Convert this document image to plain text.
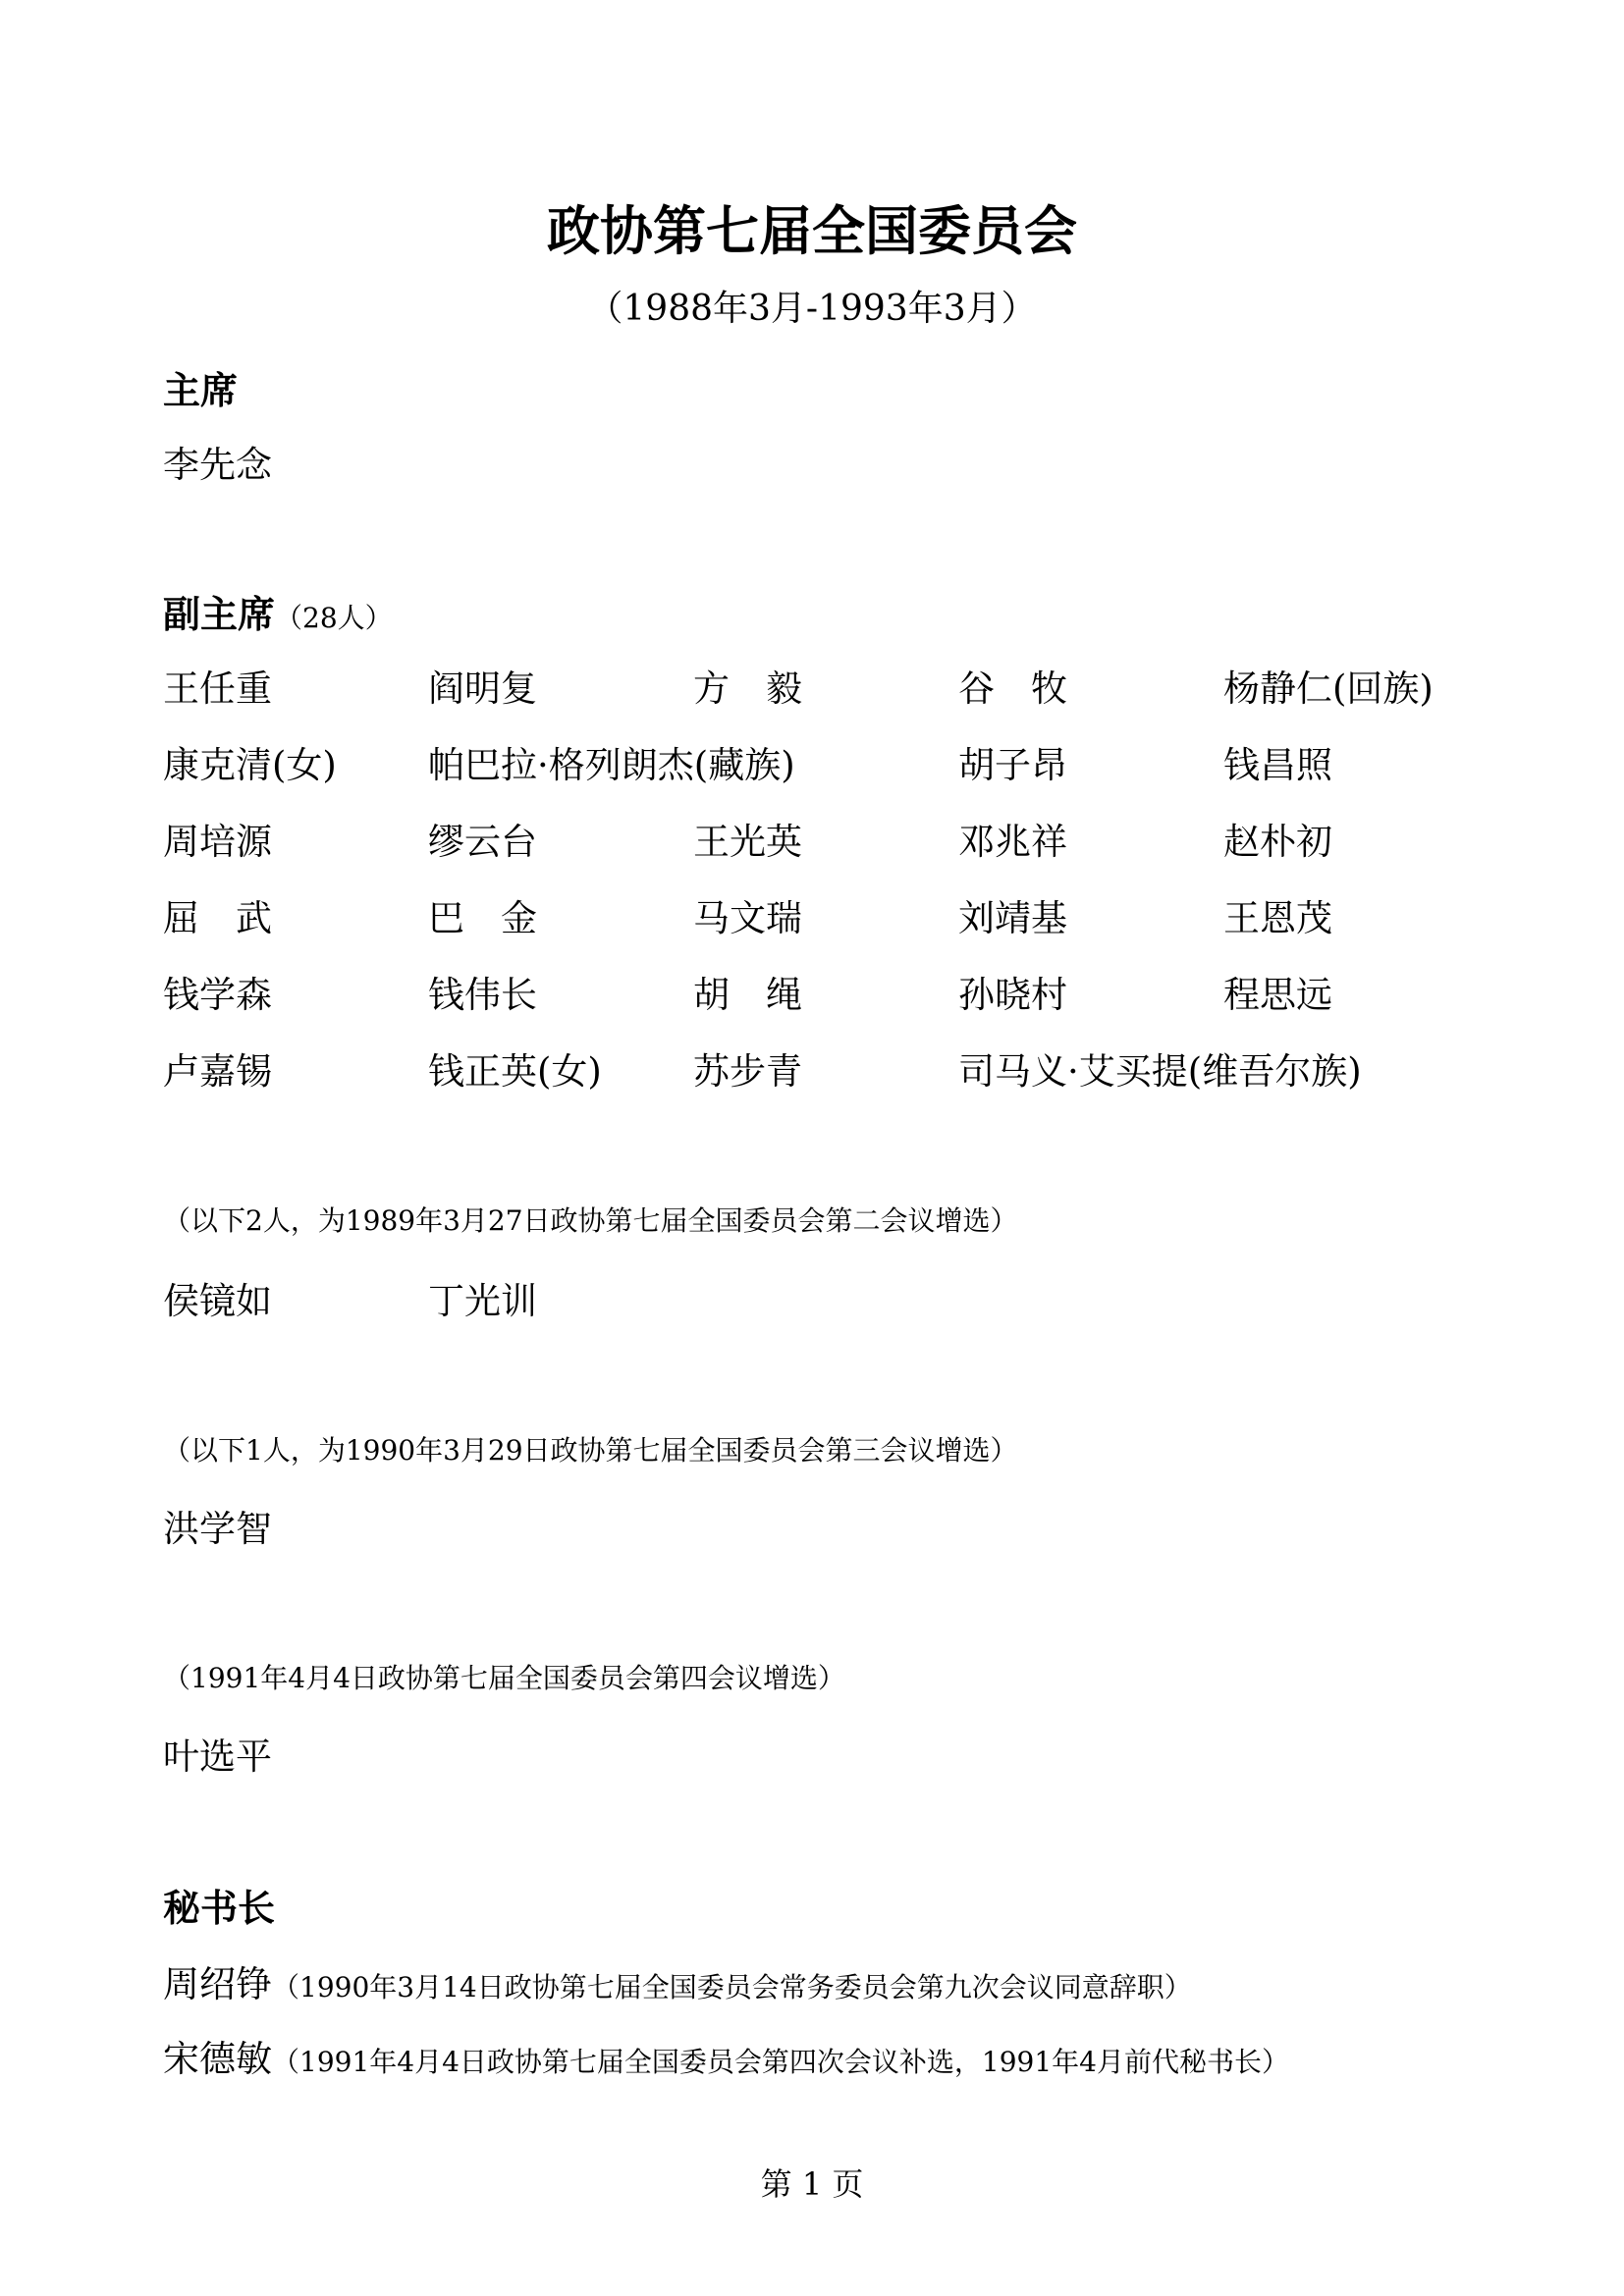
政协第七届全国委员会
（1988年3月-1993年3月）
主席
李先念
副主席（28人）
王任重	阎明复	方　毅	谷　牧	杨静仁(回族)
康克清(女)	帕巴拉·格列朗杰(藏族)	胡子昂	钱昌照
周培源	缪云台	王光英	邓兆祥	赵朴初
屈　武	巴　金	马文瑞	刘靖基	王恩茂
钱学森	钱伟长	胡　绳	孙晓村	程思远
卢嘉锡	钱正英(女)	苏步青	司马义·艾买提(维吾尔族)
（以下2人，为1989年3月27日政协第七届全国委员会第二会议增选）
侯镜如	丁光训
（以下1人，为1990年3月29日政协第七届全国委员会第三会议增选）
洪学智
（1991年4月4日政协第七届全国委员会第四会议增选）
叶选平
秘书长
周绍铮（1990年3月14日政协第七届全国委员会常务委员会第九次会议同意辞职）
宋德敏（1991年4月4日政协第七届全国委员会第四次会议补选，1991年4月前代秘书长）
第 1 页
